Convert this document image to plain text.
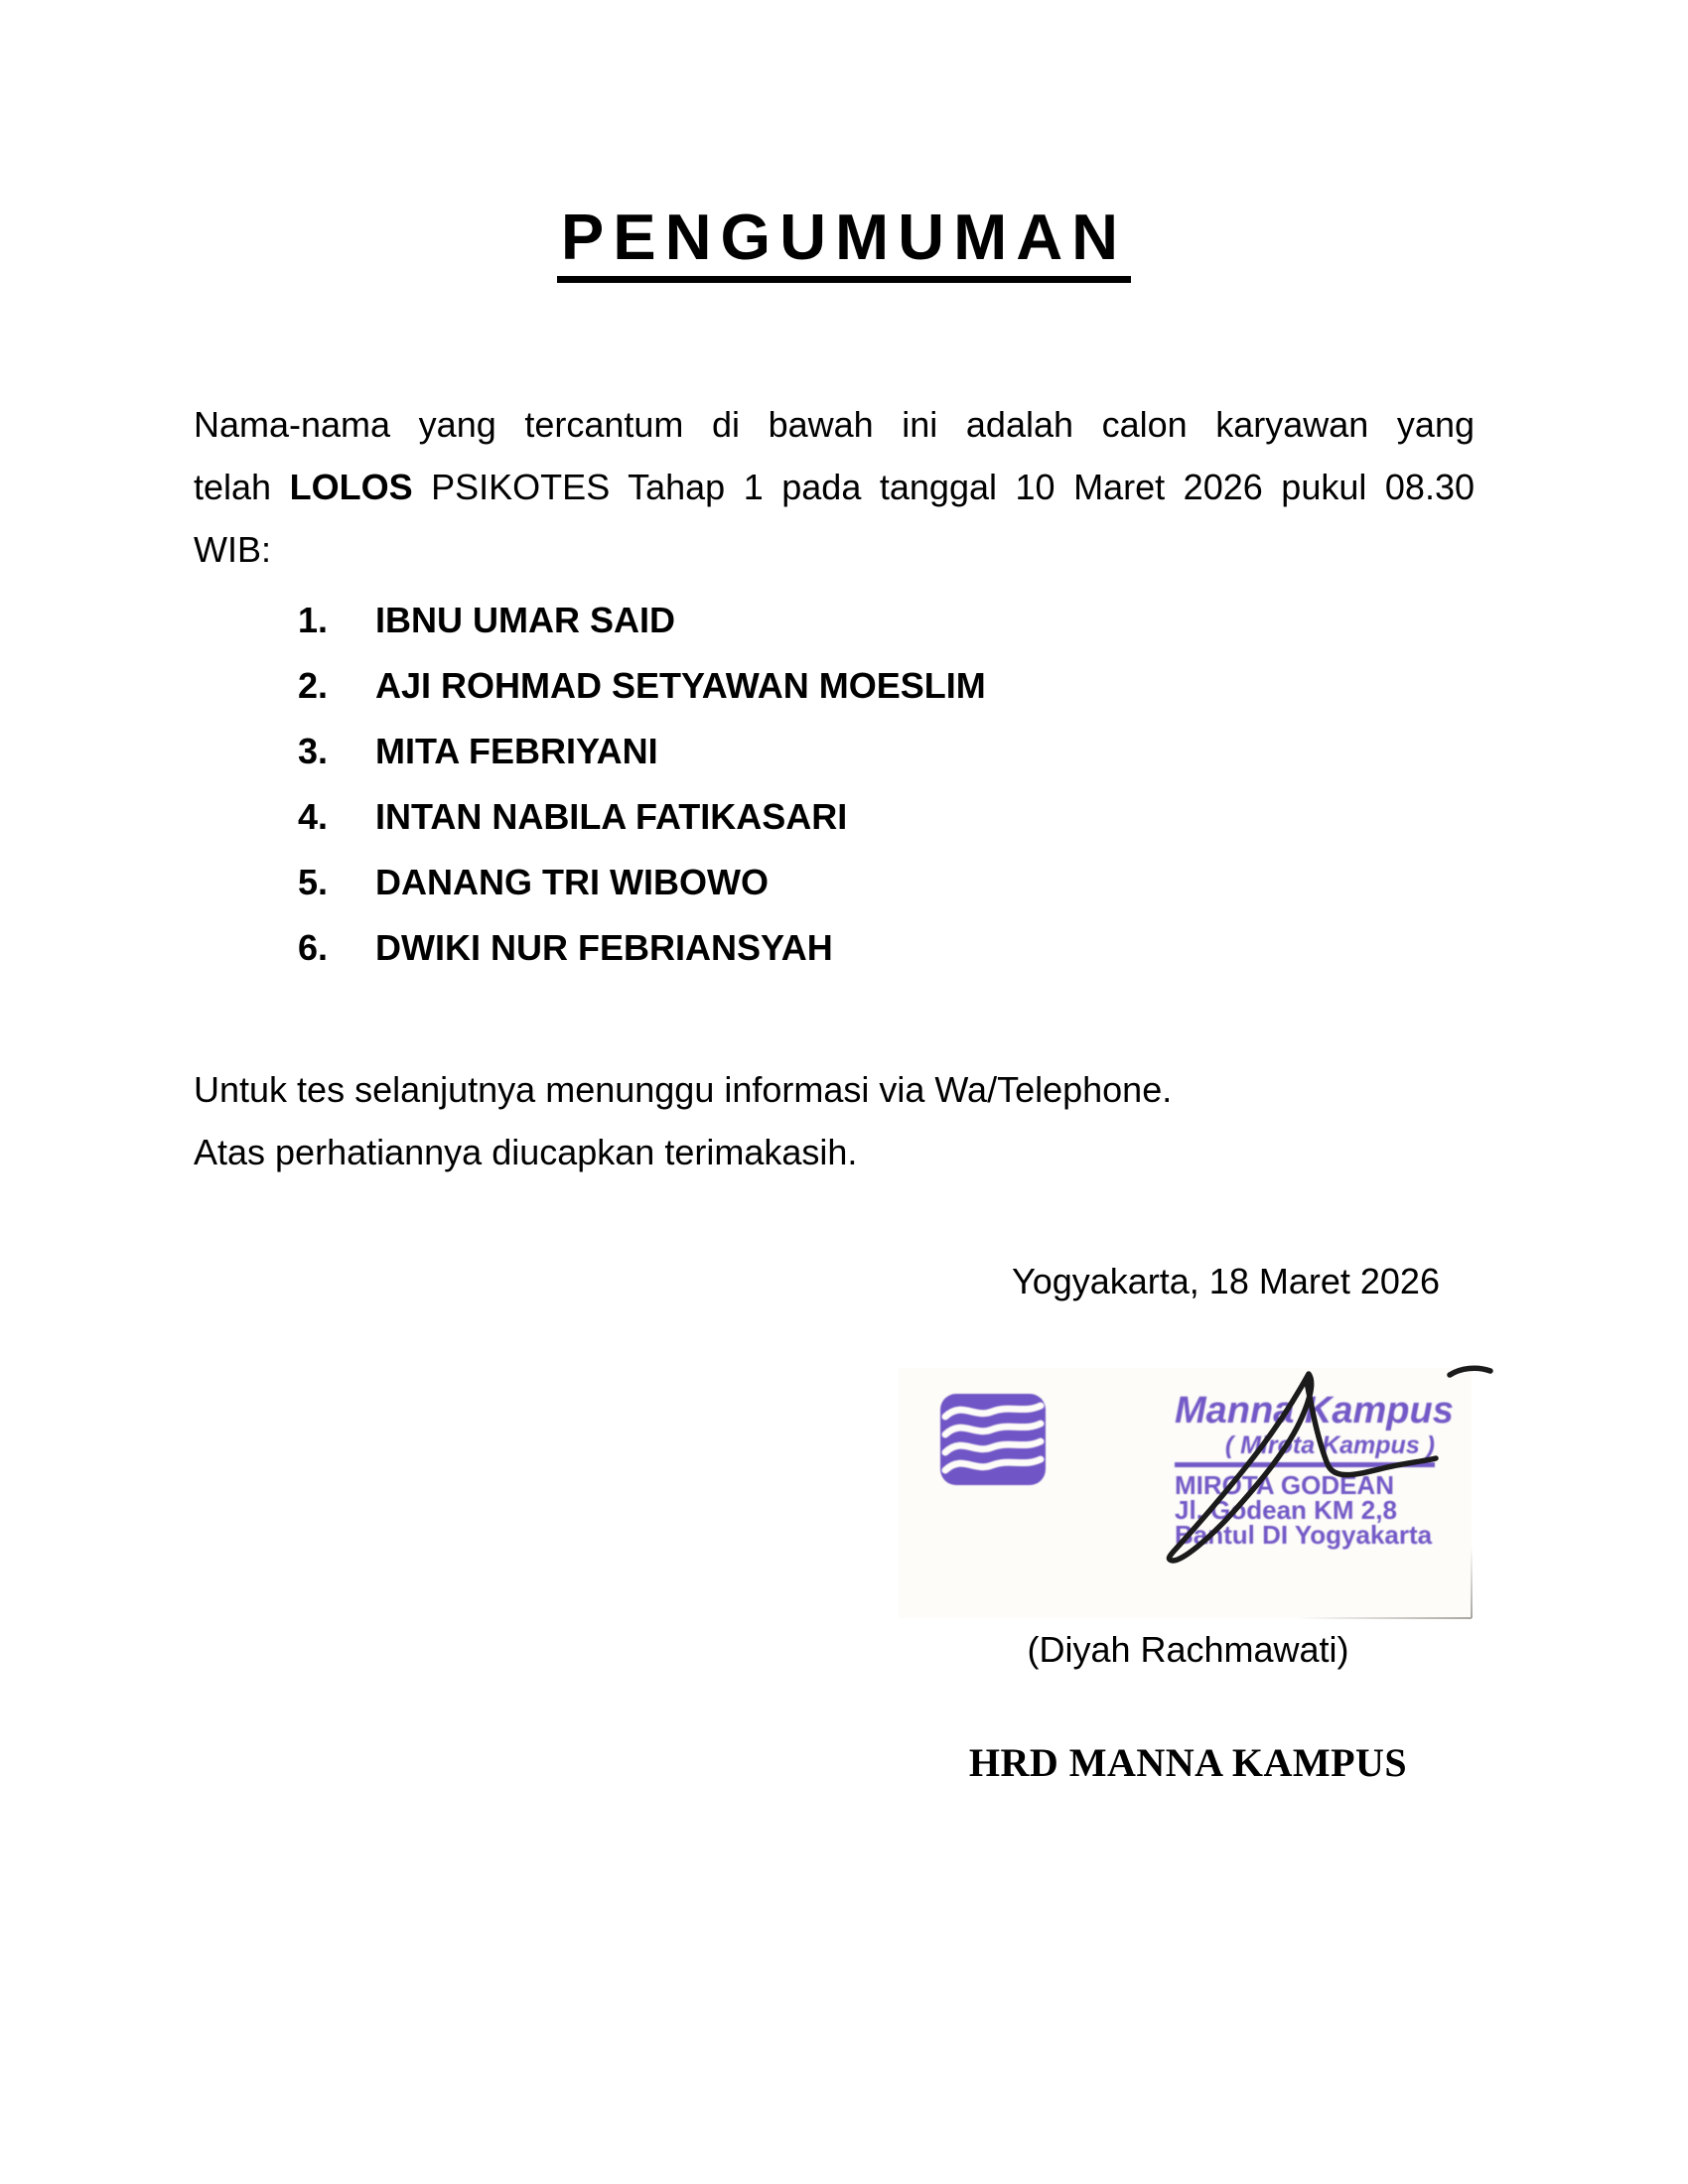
PENGUMUMAN
Nama-nama yang tercantum di bawah ini adalah calon karyawan yang
telah LOLOS PSIKOTES Tahap 1 pada tanggal 10 Maret 2026 pukul 08.30
WIB:
1. IBNU UMAR SAID
2. AJI ROHMAD SETYAWAN MOESLIM
3. MITA FEBRIYANI
4. INTAN NABILA FATIKASARI
5. DANANG TRI WIBOWO
6. DWIKI NUR FEBRIANSYAH
Untuk tes selanjutnya menunggu informasi via Wa/Telephone.
Atas perhatiannya diucapkan terimakasih.
Yogyakarta, 18 Maret 2026
Manna Kampus
( Mirota Kampus )
MIROTA GODEAN
Jl. Godean KM 2,8
Bantul DI Yogyakarta
(Diyah Rachmawati)
HRD MANNA KAMPUS
